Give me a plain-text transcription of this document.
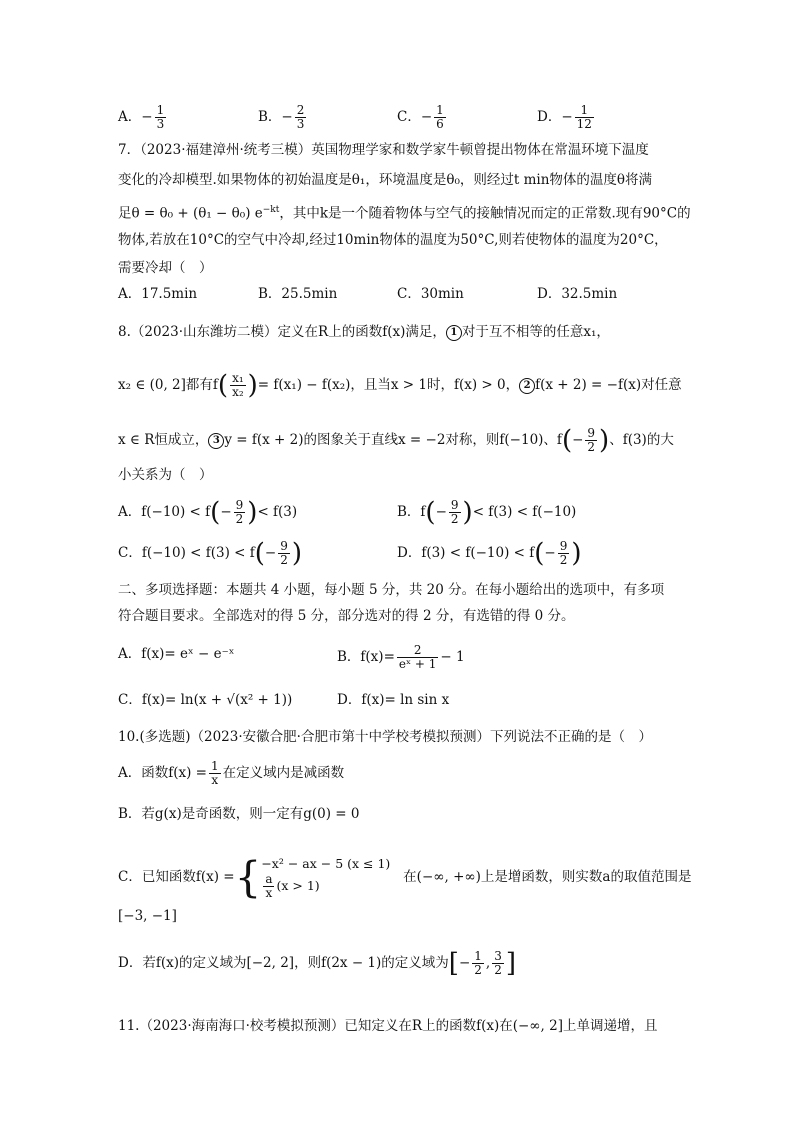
A．− $\frac{1}{3}$	B．− $\frac{2}{3}$	C．− $\frac{1}{6}$	D．− $\frac{1}{12}$
7．（2023·福建漳州·统考三模）英国物理学家和数学家牛顿曾提出物体在常温环境下温度
变化的冷却模型.如果物体的初始温度是θ₁，环境温度是θ₀，则经过t min物体的温度θ将满
足θ = θ₀ + (θ₁ − θ₀) $e^{-kt}$，其中k是一个随着物体与空气的接触情况而定的正常数.现有90°C的
物体,若放在10°C的空气中冷却,经过10min物体的温度为50°C,则若使物体的温度为20°C，
需要冷却（　）
A．17.5min	B．25.5min	C．30min	D．32.5min
8.（2023·山东潍坊二模）定义在R上的函数f(x)满足， 1 对于互不相等的任意x₁，
x₂ ∈ (0, 2]都有$f( \frac{\text{x₁}}{\text{x₂}}$ )= f(x₁) − f(x₂)，且当x > 1时，f(x) > 0， 2 f(x + 2) = −f(x)对任意
x ∈ R恒成立， 3 y = f(x + 2)的图象关于直线x = −2对称，则f(−10)、$f(- \frac{9}{2}$ )、f(3)的大
小关系为（　）
A．$f(-10) < f(- \frac{9}{2}$ )< f(3)	B．$f(- \frac{9}{2}$ )< f(3) < f(−10)
C．$f(-10) < f(3) < f(- \frac{9}{2}$ )	D．$f(3) < f(-10) < f(- \frac{9}{2}$ )
二、多项选择题：本题共 4 小题，每小题 5 分，共 20 分。在每小题给出的选项中，有多项
符合题目要求。全部选对的得 5 分，部分选对的得 2 分，有选错的得 0 分。
A．f(x)= eˣ − e⁻ˣ	B．$f(x)= \frac{2}{\text{eˣ + 1}} - 1$
C．f(x)= ln(x + √(x² + 1))	D．f(x)= ln sin x
10.(多选题)（2023·安徽合肥·合肥市第十中学校考模拟预测）下列说法不正确的是（　）
A．函数$f(x) = \frac{1}{x}$ 在定义域内是减函数
B．若g(x)是奇函数，则一定有g(0) = 0
C．已知函数f(x) ={ −x² − ax − 5 (x ≤ 1)
$\frac{a}{x} (x > 1)$
在(−∞, +∞)上是增函数，则实数a的取值范围是
[−3, −1]
D．若f(x)的定义域为[−2, 2]，则f(2x − 1)的定义域为[− $\frac{1}{2}$ , $\frac{3}{2}$ ]
11.（2023·海南海口·校考模拟预测）已知定义在R上的函数f(x)在(−∞, 2]上单调递增，且
